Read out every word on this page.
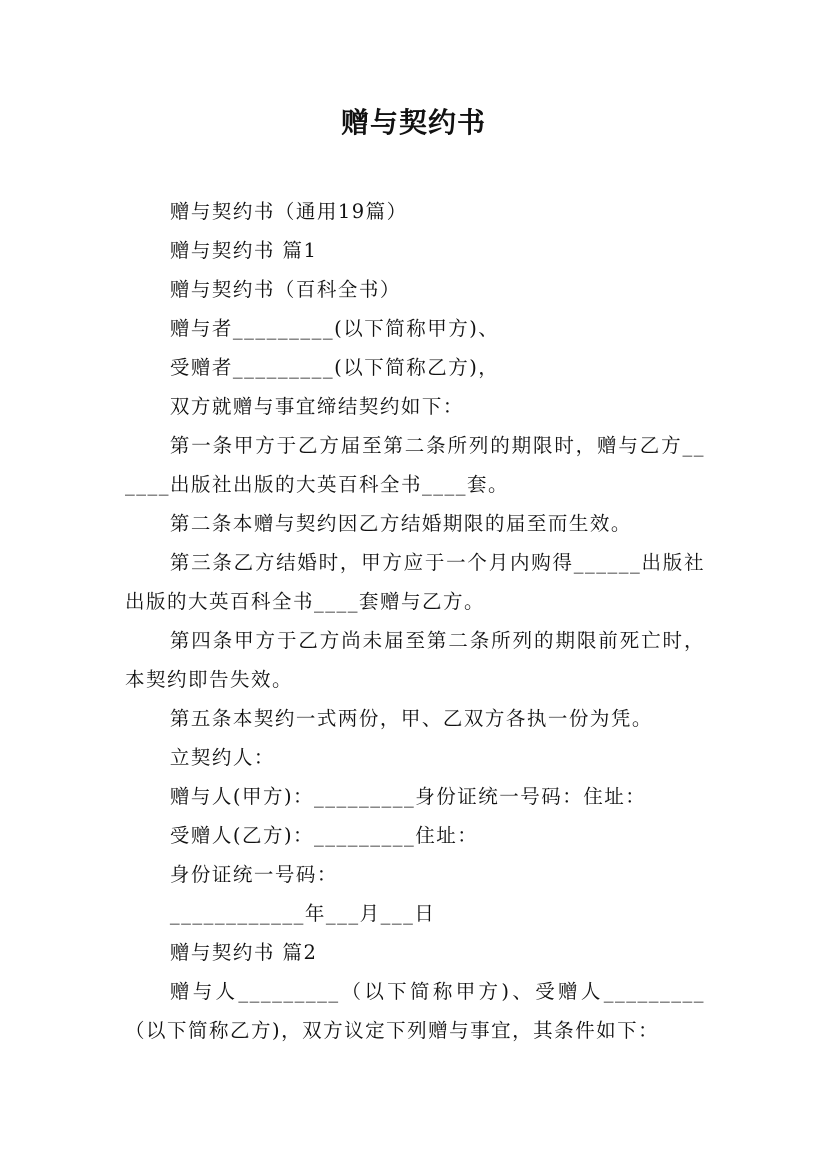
赠与契约书

赠与契约书（通用19篇）

赠与契约书 篇1

赠与契约书（百科全书）

赠与者_________(以下简称甲方)、

受赠者_________(以下简称乙方)，

双方就赠与事宜缔结契约如下：

第一条甲方于乙方届至第二条所列的期限时，赠与乙方______出版社出版的大英百科全书____套。

第二条本赠与契约因乙方结婚期限的届至而生效。

第三条乙方结婚时，甲方应于一个月内购得______出版社出版的大英百科全书____套赠与乙方。

第四条甲方于乙方尚未届至第二条所列的期限前死亡时，本契约即告失效。

第五条本契约一式两份，甲、乙双方各执一份为凭。

立契约人：

赠与人(甲方)：_________身份证统一号码：住址：

受赠人(乙方)：_________住址：

身份证统一号码：

____________年___月___日

赠与契约书 篇2

赠与人_________（以下简称甲方)、受赠人_________（以下简称乙方)，双方议定下列赠与事宜，其条件如下：
